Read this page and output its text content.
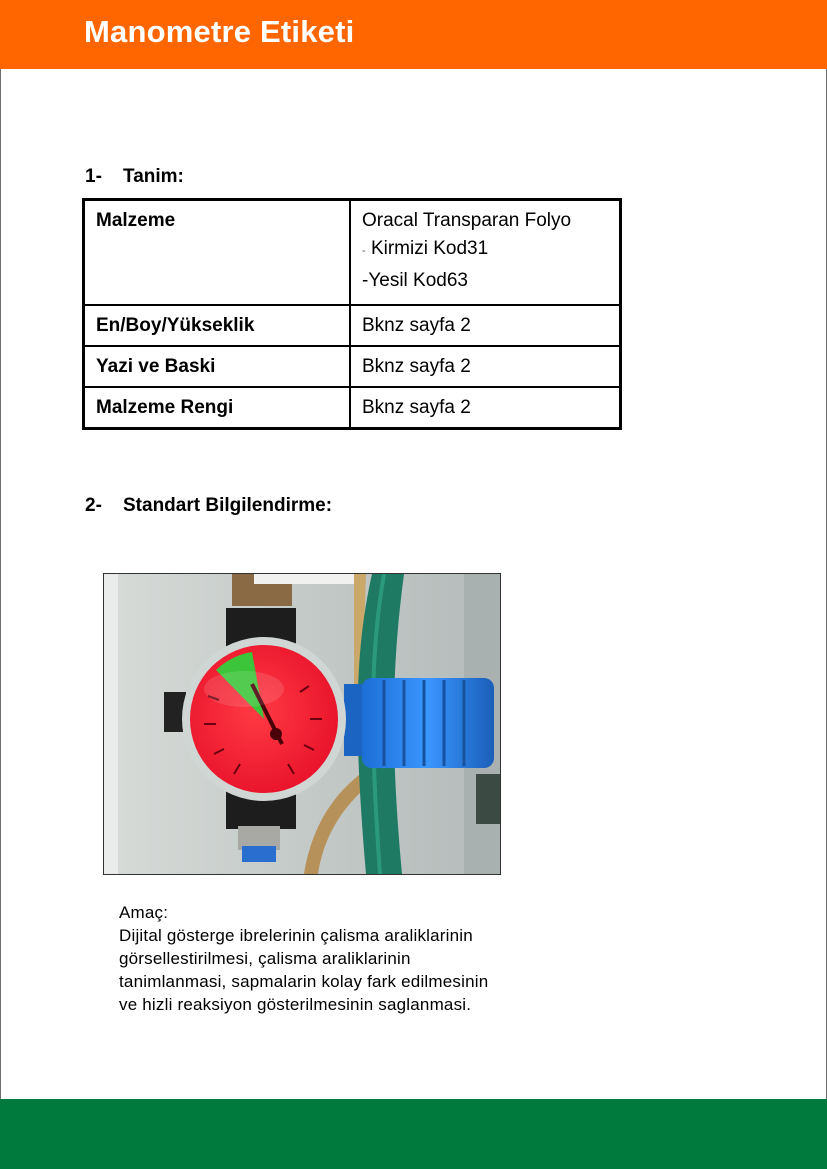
Manometre Etiketi
1- Tanim:
Malzeme	Oracal Transparan Folyo
- Kirmizi Kod31
-Yesil Kod63

En/Boy/Yükseklik	Bknz sayfa 2
Yazi ve Baski	Bknz sayfa 2
Malzeme Rengi	Bknz sayfa 2
2- Standart Bilgilendirme:
Amaç:
Dijital gösterge ibrelerinin çalisma araliklarinin
görsellestirilmesi, çalisma araliklarinin
tanimlanmasi, sapmalarin kolay fark edilmesinin
ve hizli reaksiyon gösterilmesinin saglanmasi.
